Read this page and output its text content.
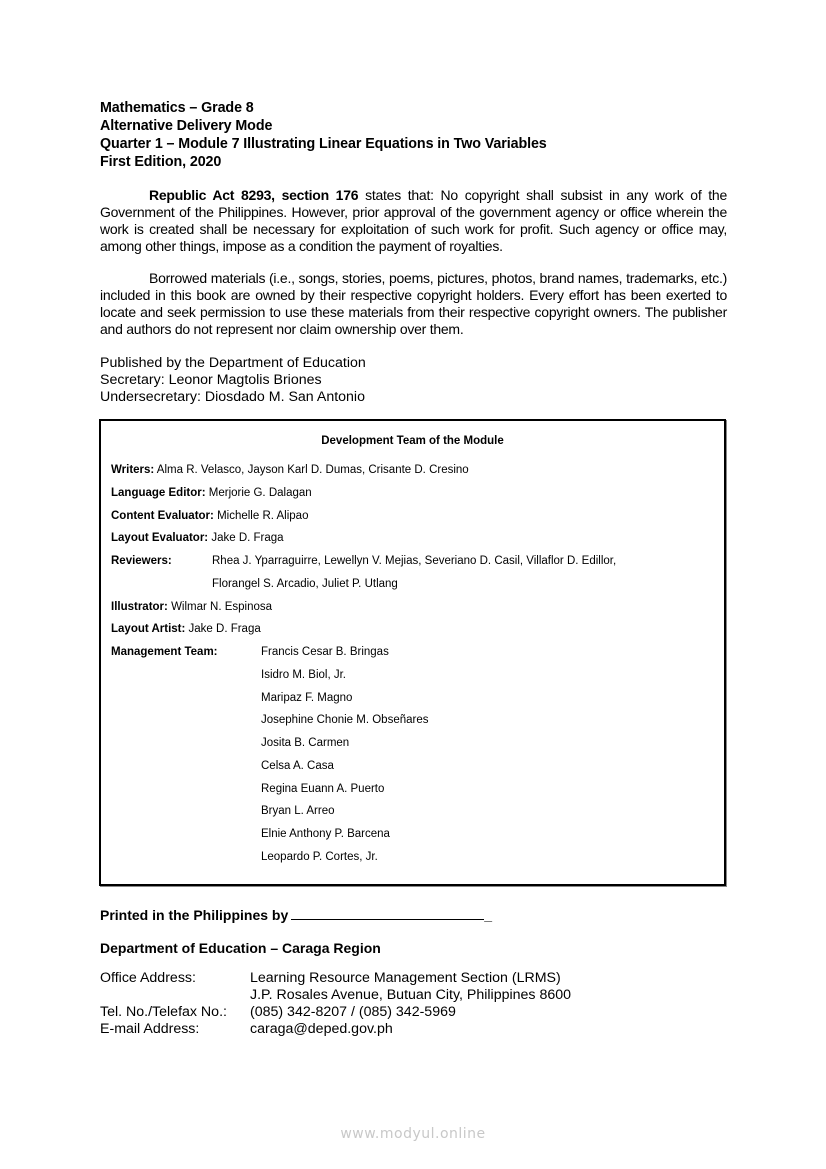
Mathematics – Grade 8
Alternative Delivery Mode
Quarter 1 – Module 7 Illustrating Linear Equations in Two Variables
First Edition, 2020

Republic Act 8293, section 176 states that: No copyright shall subsist in any work of the Government of the Philippines. However, prior approval of the government agency or office wherein the work is created shall be necessary for exploitation of such work for profit. Such agency or office may, among other things, impose as a condition the payment of royalties.

Borrowed materials (i.e., songs, stories, poems, pictures, photos, brand names, trademarks, etc.) included in this book are owned by their respective copyright holders. Every effort has been exerted to locate and seek permission to use these materials from their respective copyright owners. The publisher and authors do not represent nor claim ownership over them.

Published by the Department of Education
Secretary: Leonor Magtolis Briones
Undersecretary: Diosdado M. San Antonio
Development Team of the Module
Writers: Alma R. Velasco, Jayson Karl D. Dumas, Crisante D. Cresino
Language Editor: Merjorie G. Dalagan
Content Evaluator: Michelle R. Alipao
Layout Evaluator: Jake D. Fraga
Reviewers:	Rhea J. Yparraguirre, Lewellyn V. Mejias, Severiano D. Casil, Villaflor D. Edillor,
Florangel S. Arcadio, Juliet P. Utlang
Illustrator: Wilmar N. Espinosa
Layout Artist: Jake D. Fraga
Management Team:	Francis Cesar B. Bringas
Isidro M. Biol, Jr.
Maripaz F. Magno
Josephine Chonie M. Obseñares
Josita B. Carmen
Celsa A. Casa
Regina Euann A. Puerto
Bryan L. Arreo
Elnie Anthony P. Barcena
Leopardo P. Cortes, Jr.
Printed in the Philippines by	_
Department of Education – Caraga Region
Office Address:	Learning Resource Management Section (LRMS)
J.P. Rosales Avenue, Butuan City, Philippines 8600
Tel. No./Telefax No.: (085) 342-8207 / (085) 342-5969
E-mail Address:	caraga@deped.gov.ph
www.modyul.online
